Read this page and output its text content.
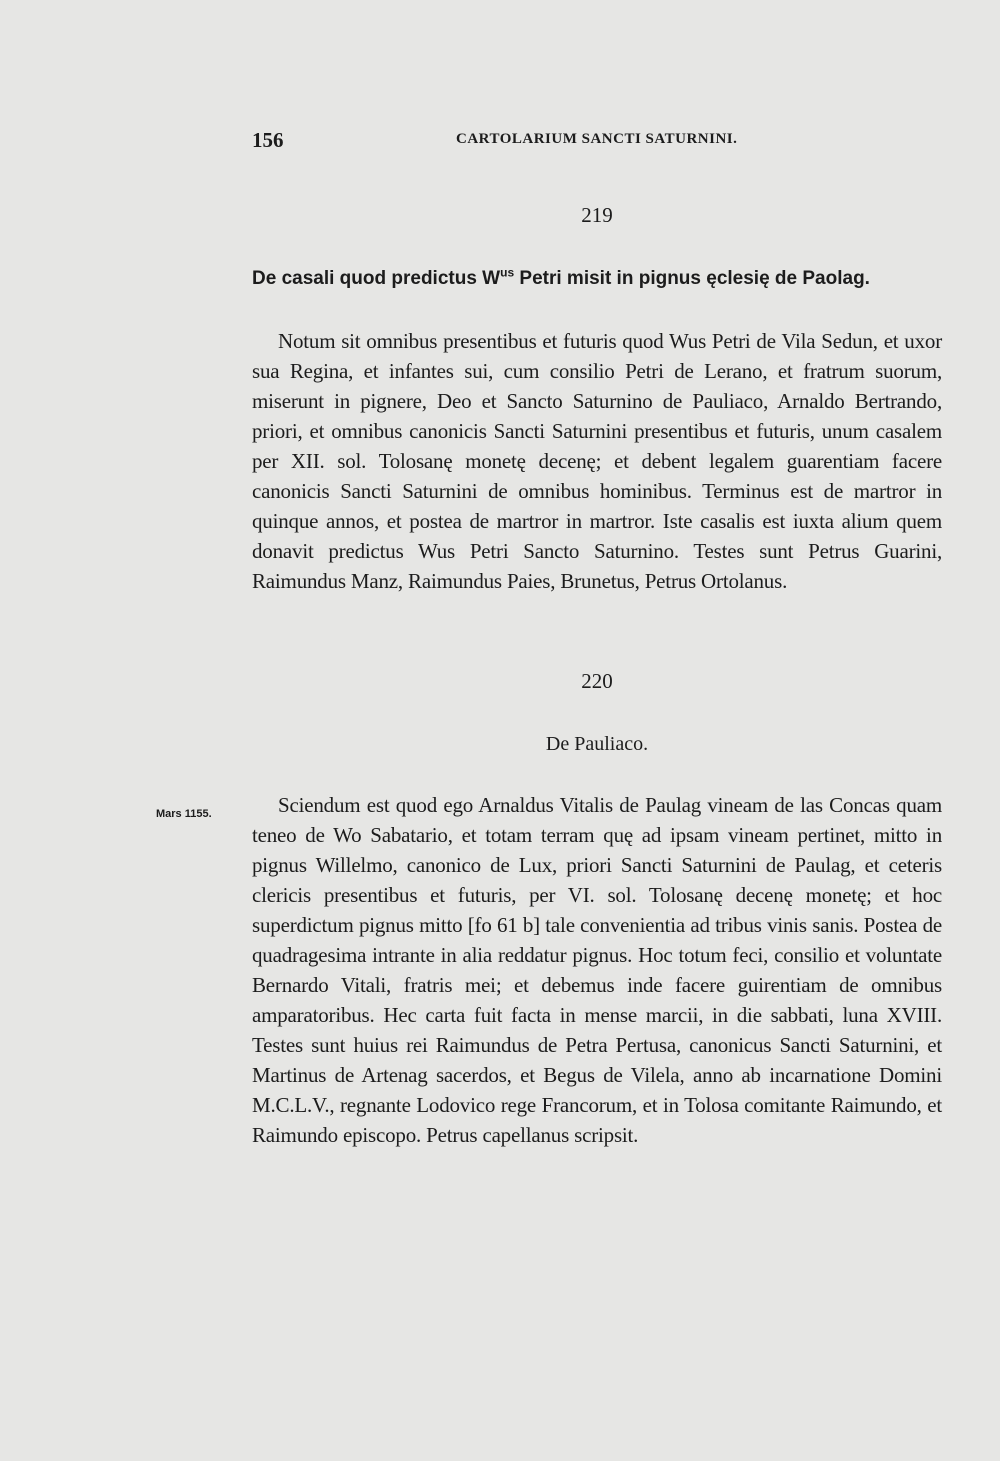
156	CARTOLARIUM SANCTI SATURNINI.
219
De casali quod predictus $W^{us}$ Petri misit in pignus ęclesię de Paolag.

Notum sit omnibus presentibus et futuris quod Wus Petri de Vila Sedun, et uxor sua Regina, et infantes sui, cum consilio Petri de Lerano, et fratrum suorum, miserunt in pignere, Deo et Sancto Saturnino de Pauliaco, Arnaldo Bertrando, priori, et omnibus canonicis Sancti Saturnini presentibus et futuris, unum casalem per XII. sol. Tolosanę monetę decenę; et debent legalem guarentiam facere canonicis Sancti Saturnini de omnibus hominibus. Terminus est de martror in quinque annos, et postea de martror in martror. Iste casalis est iuxta alium quem donavit predictus Wus Petri Sancto Saturnino. Testes sunt Petrus Guarini, Raimundus Manz, Raimundus Paies, Brunetus, Petrus Ortolanus.

220
De Pauliaco.
Mars 1155.	Sciendum est quod ego Arnaldus Vitalis de Paulag vineam de las Concas quam teneo de Wo Sabatario, et totam terram quę ad ipsam vineam pertinet, mitto in pignus Willelmo, canonico de Lux, priori Sancti Saturnini de Paulag, et ceteris clericis presentibus et futuris, per VI. sol. Tolosanę decenę monetę; et hoc superdictum pignus mitto [fo 61 b] tale convenientia ad tribus vinis sanis. Postea de quadragesima intrante in alia reddatur pignus. Hoc totum feci, consilio et voluntate Bernardo Vitali, fratris mei; et debemus inde facere guirentiam de omnibus amparatoribus. Hec carta fuit facta in mense marcii, in die sabbati, luna XVIII. Testes sunt huius rei Raimundus de Petra Pertusa, canonicus Sancti Saturnini, et Martinus de Artenag sacerdos, et Begus de Vilela, anno ab incarnatione Domini M.C.L.V., regnante Lodovico rege Francorum, et in Tolosa comitante Raimundo, et Raimundo episcopo. Petrus capellanus scripsit.
